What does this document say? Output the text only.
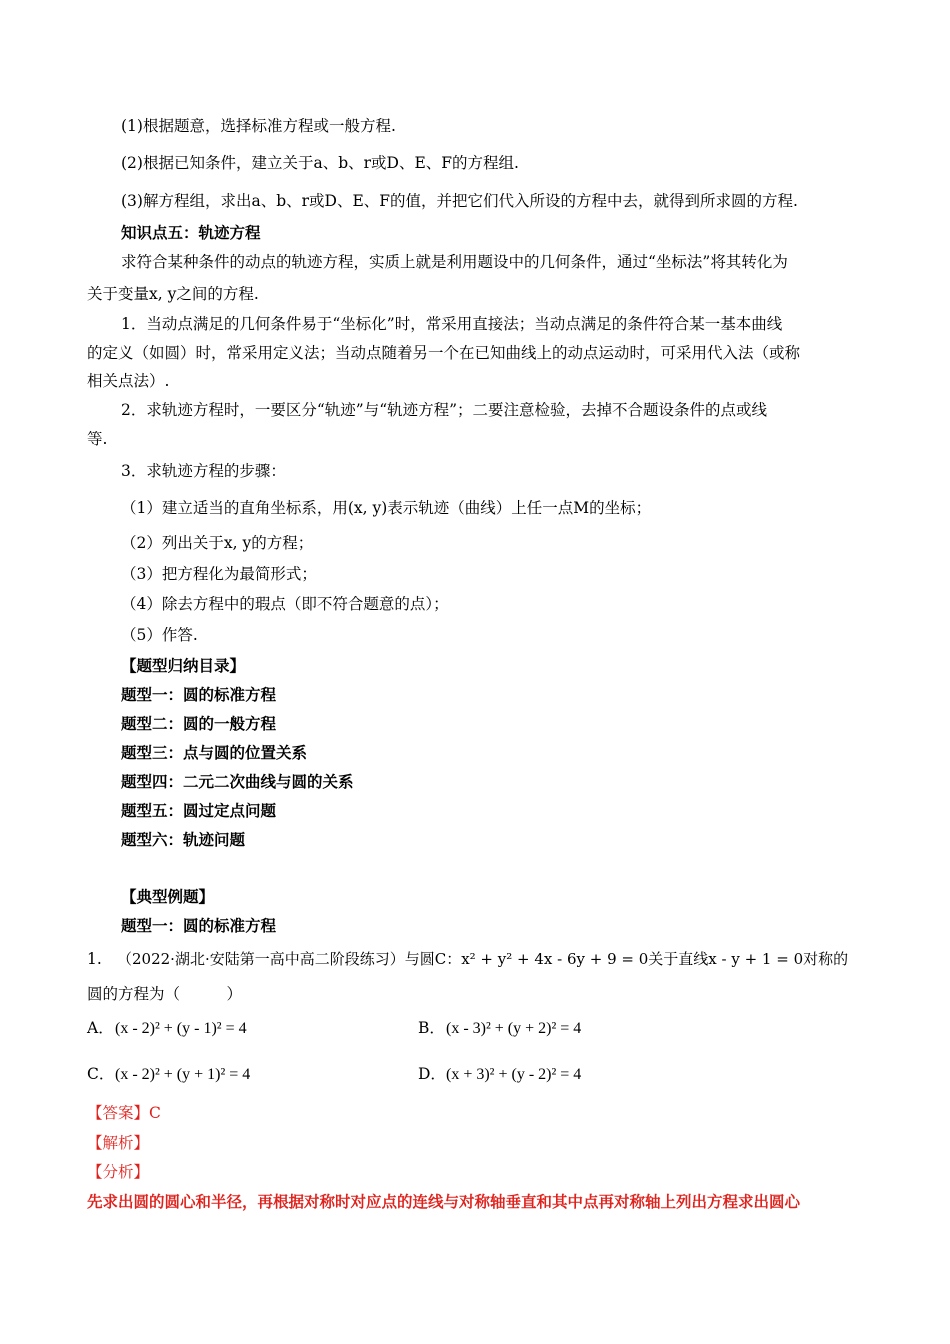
(1)根据题意，选择标准方程或一般方程.
(2)根据已知条件，建立关于a、b、r或D、E、F的方程组.
(3)解方程组，求出a、b、r或D、E、F的值，并把它们代入所设的方程中去，就得到所求圆的方程.
知识点五：轨迹方程
求符合某种条件的动点的轨迹方程，实质上就是利用题设中的几何条件，通过“坐标法”将其转化为
关于变量x, y之间的方程.
1．当动点满足的几何条件易于“坐标化”时，常采用直接法；当动点满足的条件符合某一基本曲线
的定义（如圆）时，常采用定义法；当动点随着另一个在已知曲线上的动点运动时，可采用代入法（或称
相关点法）.
2．求轨迹方程时，一要区分“轨迹”与“轨迹方程”；二要注意检验，去掉不合题设条件的点或线
等.
3．求轨迹方程的步骤：
（1）建立适当的直角坐标系，用(x, y)表示轨迹（曲线）上任一点M的坐标；
（2）列出关于x, y的方程；
（3）把方程化为最简形式；
（4）除去方程中的瑕点（即不符合题意的点）；
（5）作答.
【题型归纳目录】
题型一：圆的标准方程
题型二：圆的一般方程
题型三：点与圆的位置关系
题型四：二元二次曲线与圆的关系
题型五：圆过定点问题
题型六：轨迹问题
【典型例题】
题型一：圆的标准方程
1. （2022·湖北·安陆第一高中高二阶段练习）与圆C：x² + y² + 4x - 6y + 9 = 0关于直线x - y + 1 = 0对称的
圆的方程为（　　　）
A．(x - 2)² + (y - 1)² = 4	B．(x - 3)² + (y + 2)² = 4
C．(x - 2)² + (y + 1)² = 4	D．(x + 3)² + (y - 2)² = 4
【答案】C
【解析】
【分析】
先求出圆的圆心和半径，再根据对称时对应点的连线与对称轴垂直和其中点再对称轴上列出方程求出圆心
